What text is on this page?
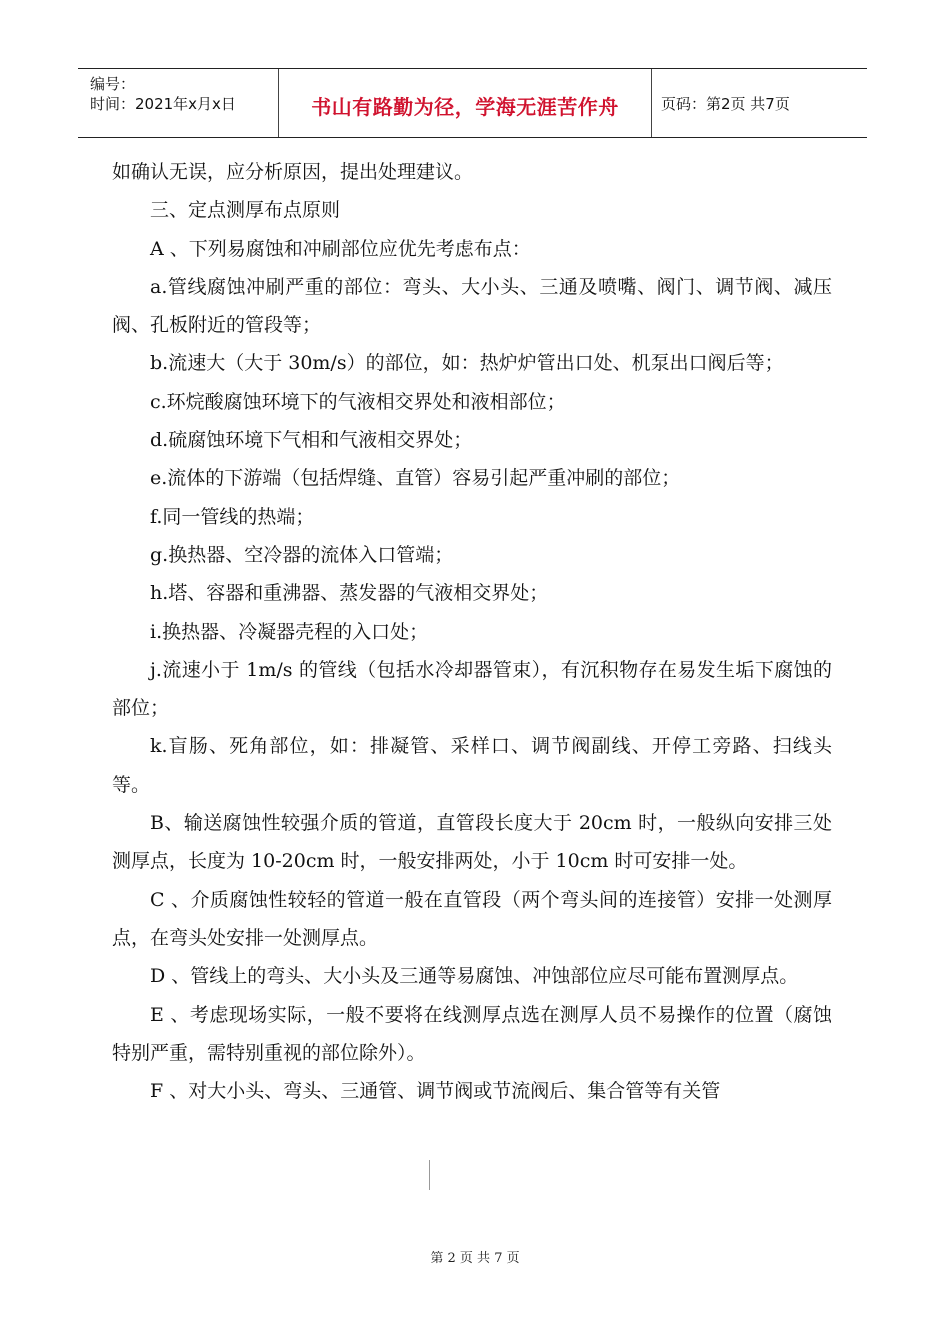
编号：
时间：2021年x月x日	书山有路勤为径，学海无涯苦作舟	页码：第2页 共7页

如确认无误，应分析原因，提出处理建议。

三、定点测厚布点原则

A 、下列易腐蚀和冲刷部位应优先考虑布点：

a.管线腐蚀冲刷严重的部位：弯头、大小头、三通及喷嘴、阀门、调节阀、减压阀、孔板附近的管段等；

b.流速大（大于 30m/s）的部位，如：热炉炉管出口处、机泵出口阀后等；

c.环烷酸腐蚀环境下的气液相交界处和液相部位；

d.硫腐蚀环境下气相和气液相交界处；

e.流体的下游端（包括焊缝、直管）容易引起严重冲刷的部位；

f.同一管线的热端；

g.换热器、空冷器的流体入口管端；

h.塔、容器和重沸器、蒸发器的气液相交界处；

i.换热器、冷凝器壳程的入口处；

j.流速小于 1m/s 的管线（包括水冷却器管束），有沉积物存在易发生垢下腐蚀的部位；

k.盲肠、死角部位，如：排凝管、采样口、调节阀副线、开停工旁路、扫线头等。

B、输送腐蚀性较强介质的管道，直管段长度大于 20cm 时，一般纵向安排三处测厚点，长度为 10-20cm 时，一般安排两处，小于 10cm 时可安排一处。

C 、介质腐蚀性较轻的管道一般在直管段（两个弯头间的连接管）安排一处测厚点，在弯头处安排一处测厚点。

D 、管线上的弯头、大小头及三通等易腐蚀、冲蚀部位应尽可能布置测厚点。

E 、考虑现场实际，一般不要将在线测厚点选在测厚人员不易操作的位置（腐蚀特别严重，需特别重视的部位除外）。

F 、对大小头、弯头、三通管、调节阀或节流阀后、集合管等有关管

第 2 页 共 7 页
